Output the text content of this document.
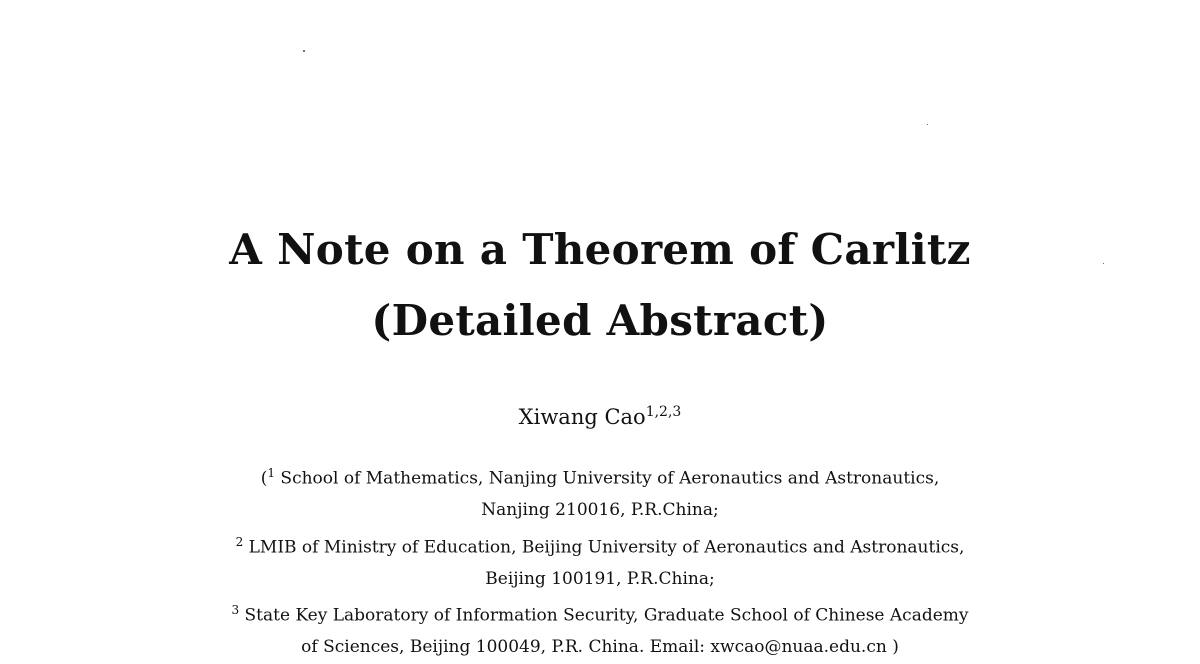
A Note on a Theorem of Carlitz
(Detailed Abstract)
Xiwang Cao$^{1,2,3}$
($^1$ School of Mathematics, Nanjing University of Aeronautics and Astronautics,
Nanjing 210016, P.R.China;
$^2$ LMIB of Ministry of Education, Beijing University of Aeronautics and Astronautics,
Beijing 100191, P.R.China;
$^3$ State Key Laboratory of Information Security, Graduate School of Chinese Academy
of Sciences, Beijing 100049, P.R. China. Email: xwcao@nuaa.edu.cn )
